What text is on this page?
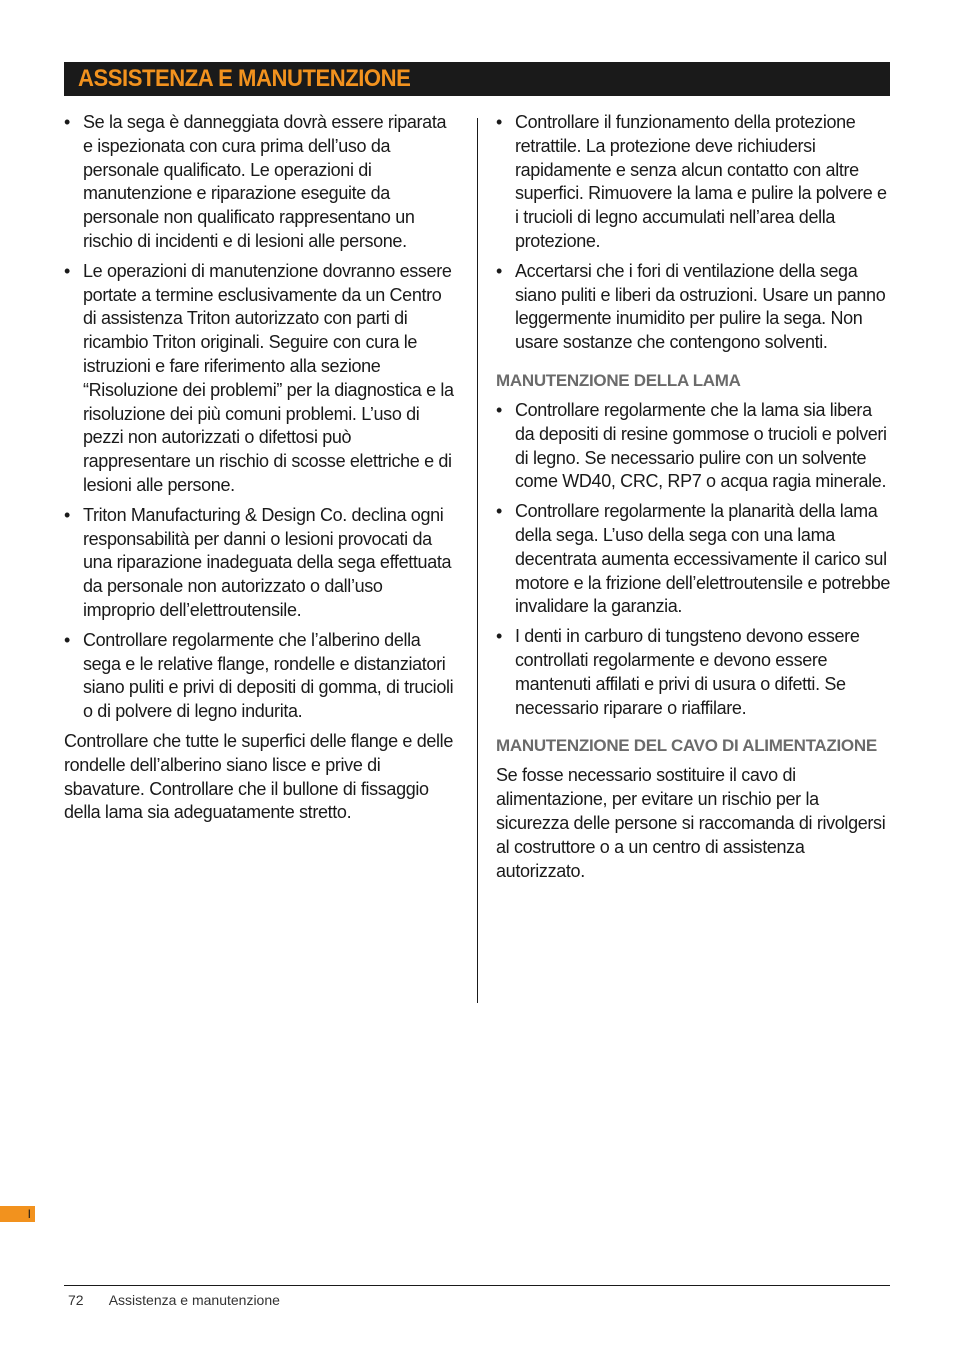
ASSISTENZA E MANUTENZIONE
• Se la sega è danneggiata dovrà essere riparata e ispezionata con cura prima dell’uso da personale qualificato. Le operazioni di manutenzione e riparazione eseguite da personale non qualificato rappresentano un rischio di incidenti e di lesioni alle persone.
• Le operazioni di manutenzione dovranno essere portate a termine esclusivamente da un Centro di assistenza Triton autorizzato con parti di ricambio Triton originali. Seguire con cura le istruzioni e fare riferimento alla sezione “Risoluzione dei problemi” per la diagnostica e la risoluzione dei più comuni problemi. L’uso di pezzi non autorizzati o difettosi può rappresentare un rischio di scosse elettriche e di lesioni alle persone.
• Triton Manufacturing & Design Co. declina ogni responsabilità per danni o lesioni provocati da una riparazione inadeguata della sega effettuata da personale non autorizzato o dall’uso improprio dell’elettroutensile.
• Controllare regolarmente che l’alberino della sega e le relative flange, rondelle e distanziatori siano puliti e privi di depositi di gomma, di trucioli o di polvere di legno indurita.

Controllare che tutte le superfici delle flange e delle rondelle dell’alberino siano lisce e prive di sbavature. Controllare che il bullone di fissaggio della lama sia adeguatamente stretto.

• Controllare il funzionamento della protezione retrattile. La protezione deve richiudersi rapidamente e senza alcun contatto con altre superfici. Rimuovere la lama e pulire la polvere e i trucioli di legno accumulati nell’area della protezione.
• Accertarsi che i fori di ventilazione della sega siano puliti e liberi da ostruzioni. Usare un panno leggermente inumidito per pulire la sega. Non usare sostanze che contengono solventi.
MANUTENZIONE DELLA LAMA
• Controllare regolarmente che la lama sia libera da depositi di resine gommose o trucioli e polveri di legno. Se necessario pulire con un solvente come WD40, CRC, RP7 o acqua ragia minerale.
• Controllare regolarmente la planarità della lama della sega. L’uso della sega con una lama decentrata aumenta eccessivamente il carico sul motore e la frizione dell’elettroutensile e potrebbe invalidare la garanzia.
• I denti in carburo di tungsteno devono essere controllati regolarmente e devono essere mantenuti affilati e privi di usura o difetti. Se necessario riparare o riaffilare.
MANUTENZIONE DEL CAVO DI ALIMENTAZIONE

Se fosse necessario sostituire il cavo di alimentazione, per evitare un rischio per la sicurezza delle persone si raccomanda di rivolgersi al costruttore o a un centro di assistenza autorizzato.

I
72 Assistenza e manutenzione
